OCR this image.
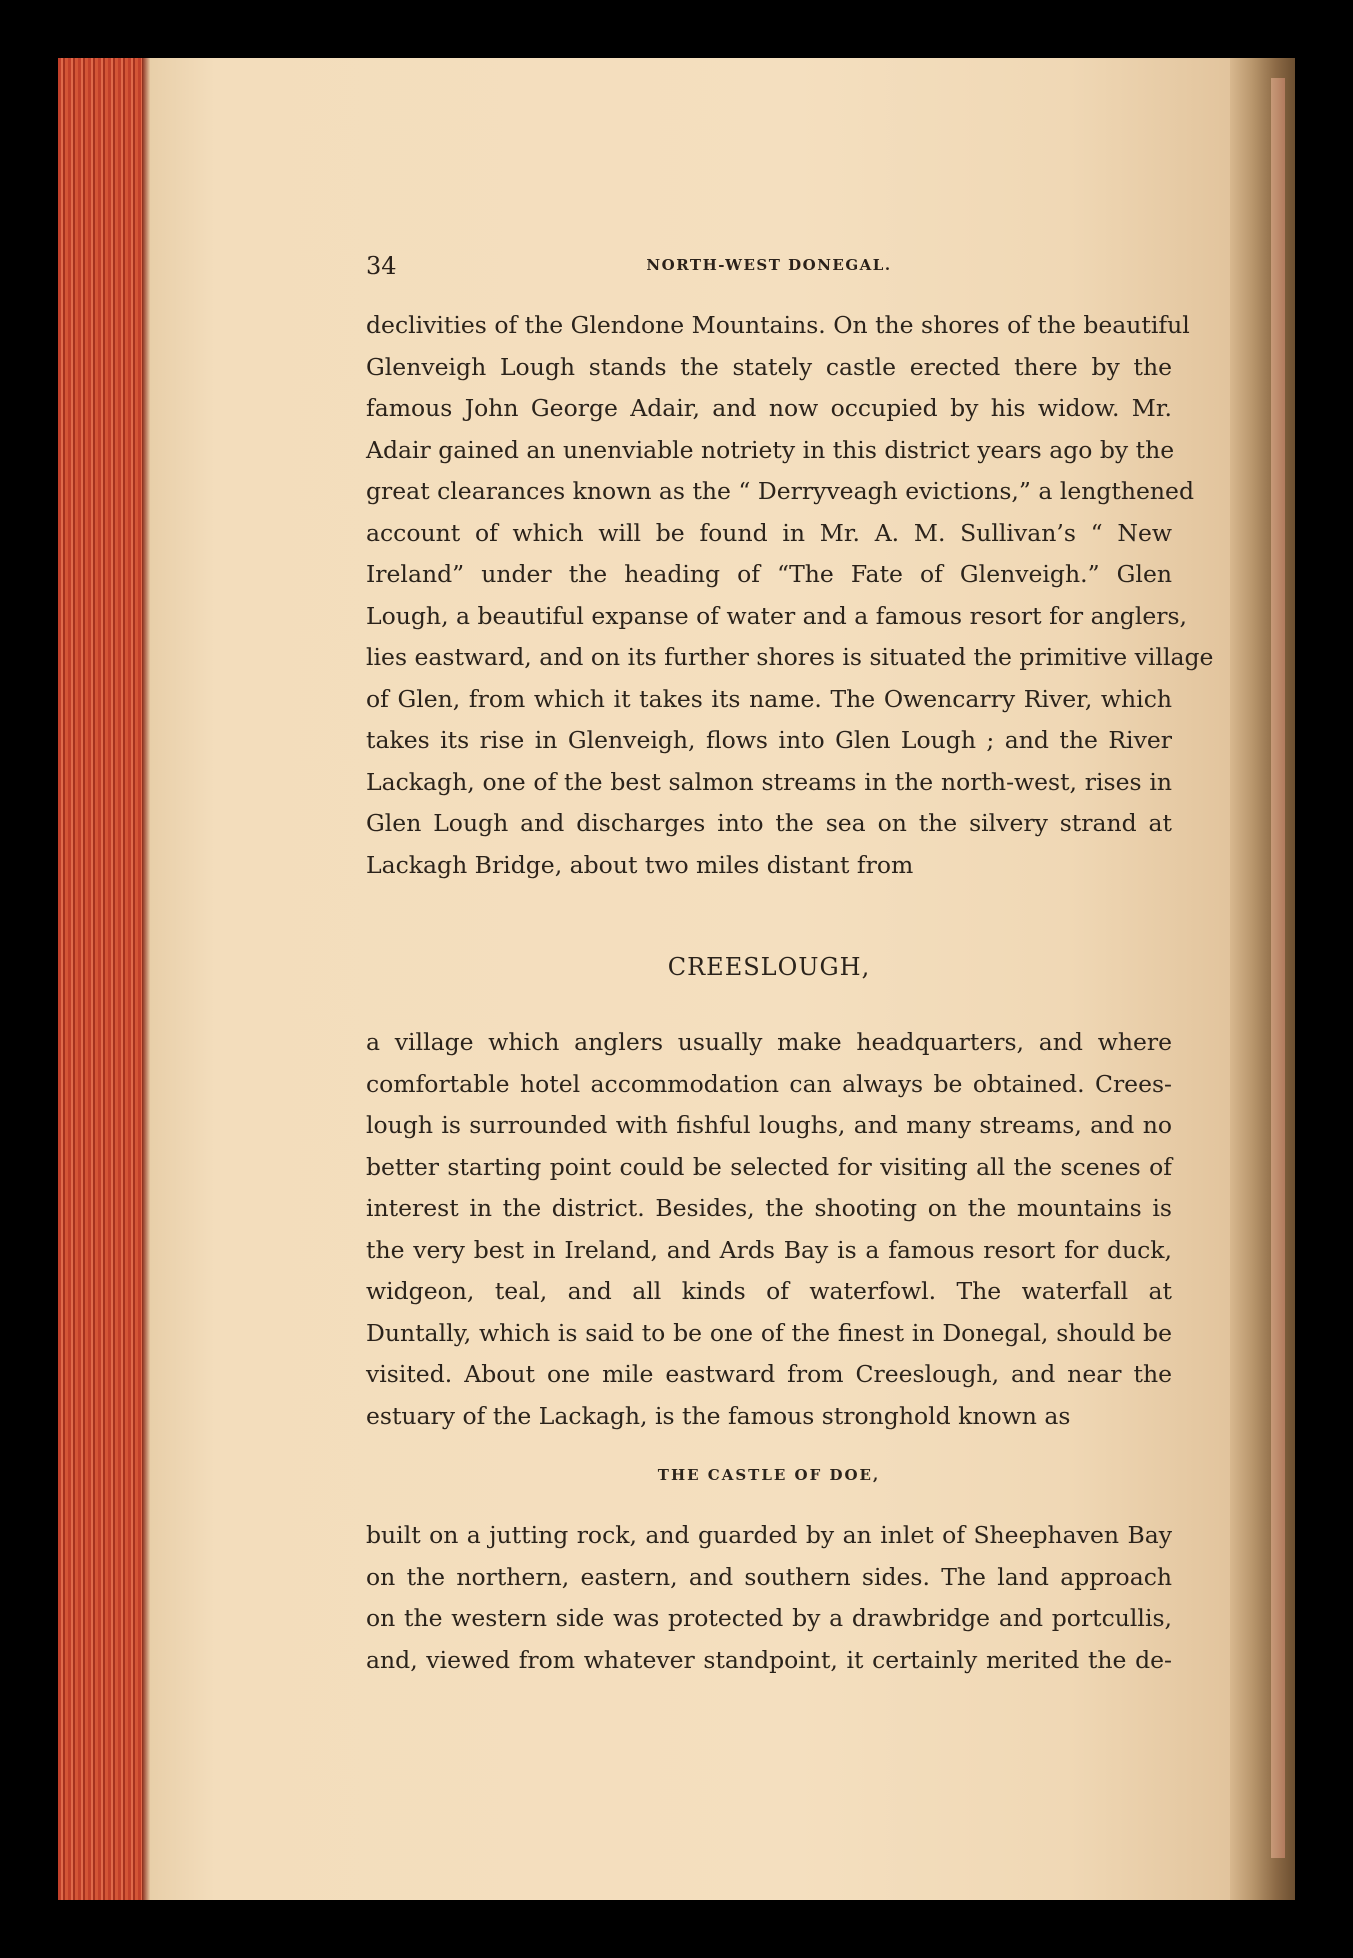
34	NORTH-WEST DONEGAL.
declivities of the Glendone Mountains. On the shores of the beautiful
Glenveigh Lough stands the stately castle erected there by the
famous John George Adair, and now occupied by his widow. Mr.
Adair gained an unenviable notriety in this district years ago by the
great clearances known as the “ Derryveagh evictions,” a lengthened
account of which will be found in Mr. A. M. Sullivan’s “ New
Ireland” under the heading of “The Fate of Glenveigh.” Glen
Lough, a beautiful expanse of water and a famous resort for anglers,
lies eastward, and on its further shores is situated the primitive village
of Glen, from which it takes its name. The Owencarry River, which
takes its rise in Glenveigh, flows into Glen Lough ; and the River
Lackagh, one of the best salmon streams in the north-west, rises in
Glen Lough and discharges into the sea on the silvery strand at
Lackagh Bridge, about two miles distant from
CREESLOUGH,
a village which anglers usually make headquarters, and where
comfortable hotel accommodation can always be obtained. Crees-
lough is surrounded with fishful loughs, and many streams, and no
better starting point could be selected for visiting all the scenes of
interest in the district. Besides, the shooting on the mountains is
the very best in Ireland, and Ards Bay is a famous resort for duck,
widgeon, teal, and all kinds of waterfowl. The waterfall at
Duntally, which is said to be one of the finest in Donegal, should be
visited. About one mile eastward from Creeslough, and near the
estuary of the Lackagh, is the famous stronghold known as
THE CASTLE OF DOE,
built on a jutting rock, and guarded by an inlet of Sheephaven Bay
on the northern, eastern, and southern sides. The land approach
on the western side was protected by a drawbridge and portcullis,
and, viewed from whatever standpoint, it certainly merited the de-
